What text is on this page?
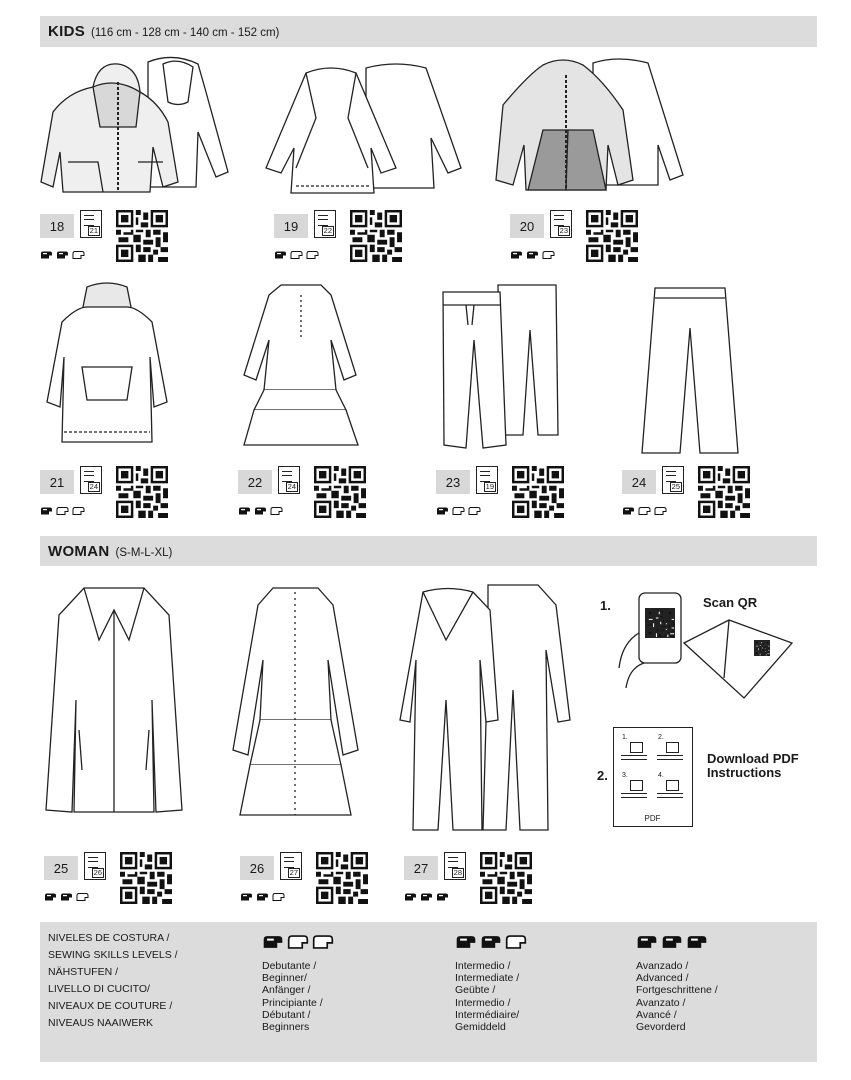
KIDS (116 cm - 128 cm - 140 cm - 152 cm)
WOMAN (S-M-L-XL)
1.	Scan QR
2.
1.	2.
3.	4.
PDF
Download PDF
Instructions
18	21	19	22	20	23
21	24	22	24	23	19	24	25
25	26	26	27	27	28
NIVELES DE COSTURA /
SEWING SKILLS LEVELS /
NÄHSTUFEN /
LIVELLO DI CUCITO/
NIVEAUX DE COUTURE /
NIVEAUS NAAIWERK
Debutante /
Beginner/
Anfänger /
Principiante /
Débutant /
Beginners
Intermedio /
Intermediate /
Geübte /
Intermedio /
Intermédiaire/
Gemiddeld
Avanzado /
Advanced /
Fortgeschrittene /
Avanzato /
Avancé /
Gevorderd
